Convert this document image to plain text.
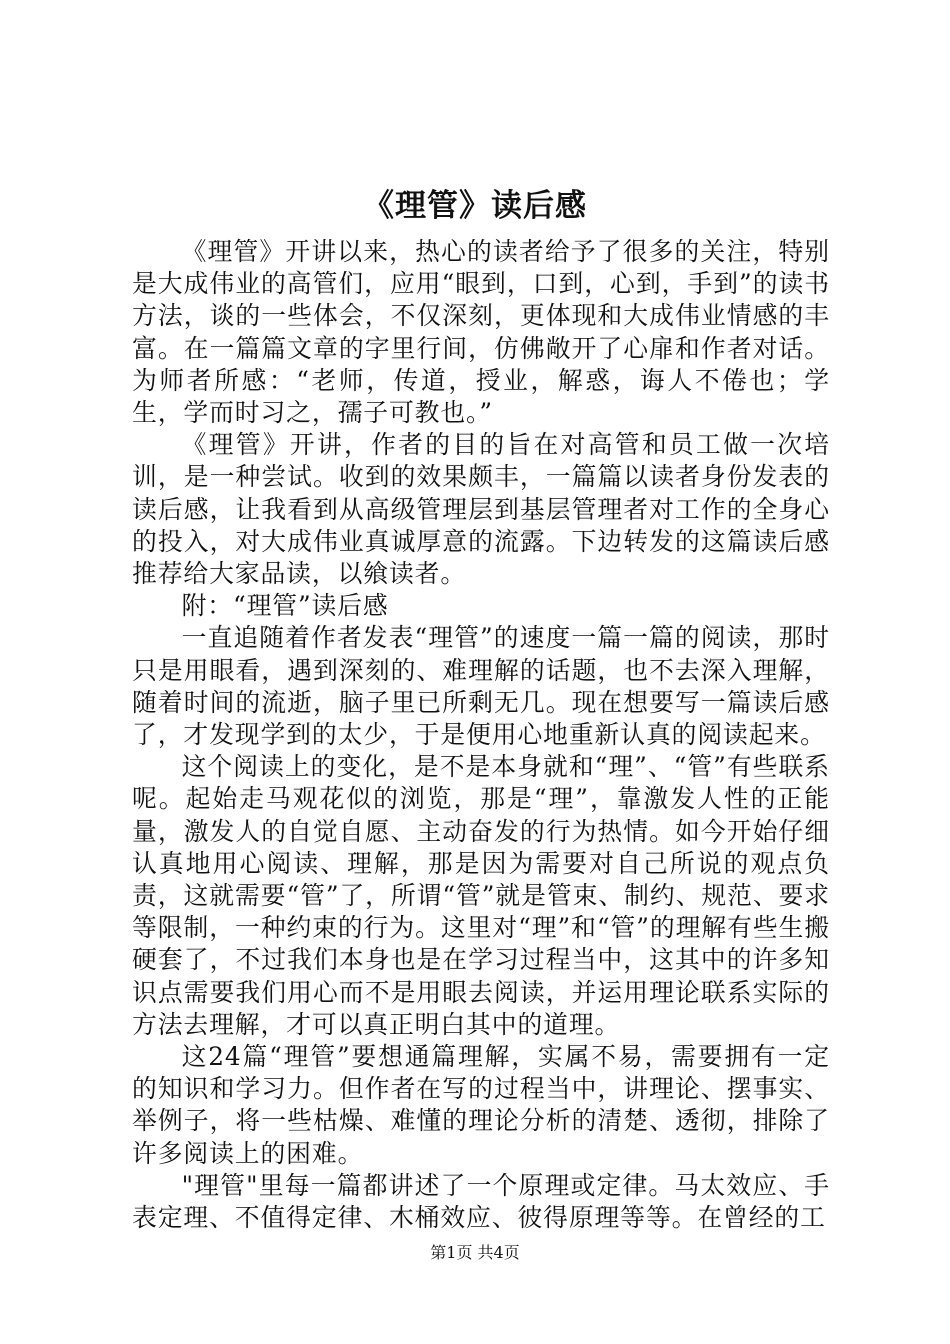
《理管》读后感

《理管》开讲以来，热心的读者给予了很多的关注，特别是大成伟业的高管们，应用“眼到，口到，心到，手到”的读书方法，谈的一些体会，不仅深刻，更体现和大成伟业情感的丰富。在一篇篇文章的字里行间，仿佛敞开了心扉和作者对话。为师者所感：“老师，传道，授业，解惑，诲人不倦也；学生，学而时习之，孺子可教也。”

《理管》开讲，作者的目的旨在对高管和员工做一次培训，是一种尝试。收到的效果颇丰，一篇篇以读者身份发表的读后感，让我看到从高级管理层到基层管理者对工作的全身心的投入，对大成伟业真诚厚意的流露。下边转发的这篇读后感推荐给大家品读，以飨读者。

附：“理管”读后感

一直追随着作者发表“理管”的速度一篇一篇的阅读，那时只是用眼看，遇到深刻的、难理解的话题，也不去深入理解，随着时间的流逝，脑子里已所剩无几。现在想要写一篇读后感了，才发现学到的太少，于是便用心地重新认真的阅读起来。

这个阅读上的变化，是不是本身就和“理”、“管”有些联系呢。起始走马观花似的浏览，那是“理”，靠激发人性的正能量，激发人的自觉自愿、主动奋发的行为热情。如今开始仔细认真地用心阅读、理解，那是因为需要对自己所说的观点负责，这就需要“管”了，所谓“管”就是管束、制约、规范、要求等限制，一种约束的行为。这里对“理”和“管”的理解有些生搬硬套了，不过我们本身也是在学习过程当中，这其中的许多知识点需要我们用心而不是用眼去阅读，并运用理论联系实际的方法去理解，才可以真正明白其中的道理。

这24篇“理管”要想通篇理解，实属不易，需要拥有一定的知识和学习力。但作者在写的过程当中，讲理论、摆事实、举例子，将一些枯燥、难懂的理论分析的清楚、透彻，排除了许多阅读上的困难。

"理管"里每一篇都讲述了一个原理或定律。马太效应、手表定理、不值得定律、木桶效应、彼得原理等等。在曾经的工

第1页 共4页
